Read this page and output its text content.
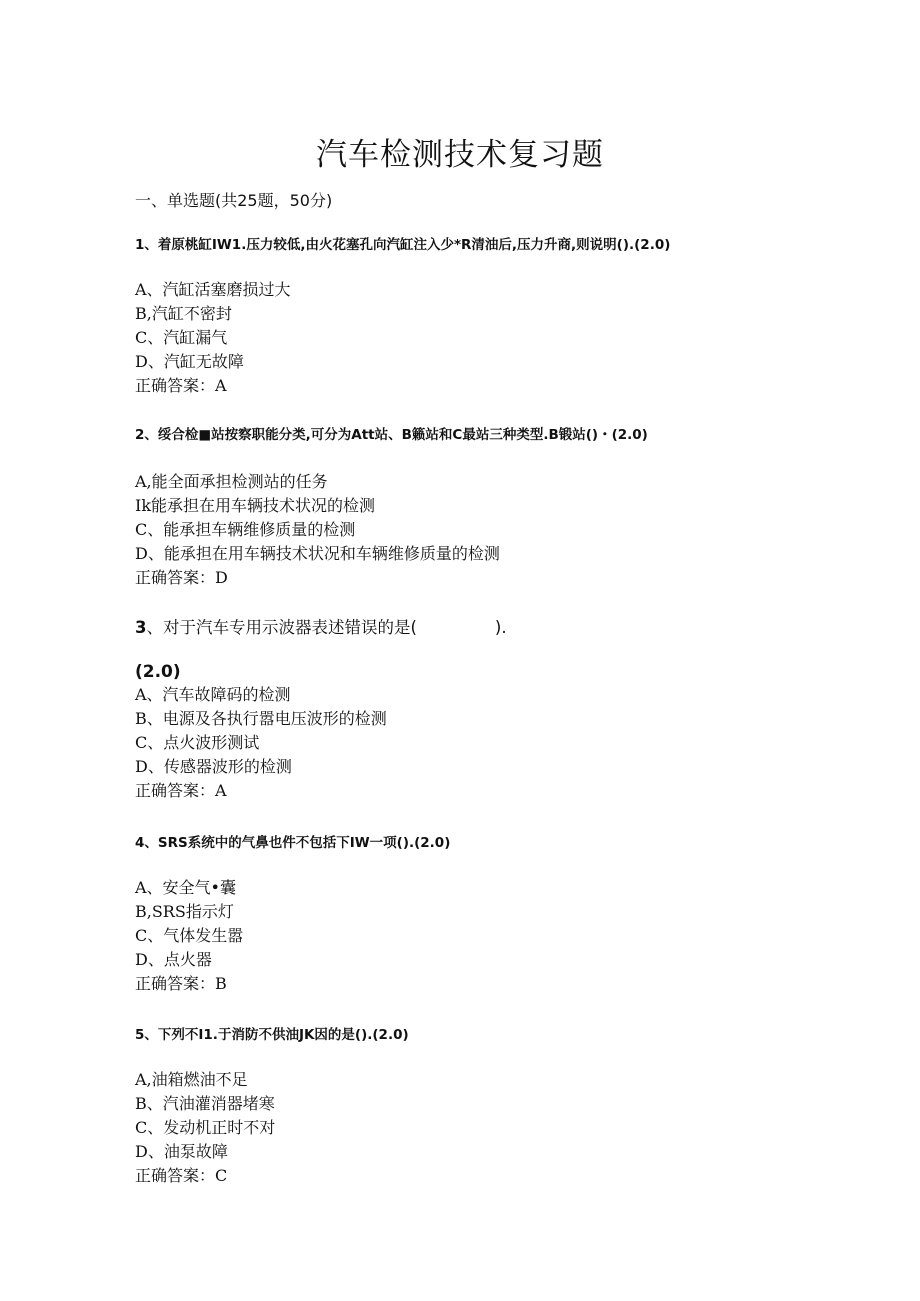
汽车检测技术复习题
一、单选题(共25题，50分)
1、着原桃缸IW1.压力较低,由火花塞孔向汽缸注入少*R清油后,压力升商,则说明().(2.0)
A、汽缸活塞磨损过大
B,汽缸不密封
C、汽缸漏气
D、汽缸无故障
正确答案：A
2、绥合检■站按察职能分类,可分为Att站、B籁站和C最站三种类型.B锻站()・(2.0)
A,能全面承担检测站的任务
Ik能承担在用车辆技术状况的检测
C、能承担车辆维修质量的检测
D、能承担在用车辆技术状况和车辆维修质量的检测
正确答案：D
3、对于汽车专用示波器表述错误的是(	).
(2.0)
A、汽车故障码的检测
B、电源及各执行嚣电压波形的检测
C、点火波形测试
D、传感器波形的检测
正确答案：A
4、SRS系统中的气鼻也件不包括下IW一项().(2.0)
A、安全气•囊
B,SRS指示灯
C、气体发生嚣
D、点火器
正确答案：B
5、下列不I1.于消防不供油JK因的是().(2.0)
A,油箱燃油不足
B、汽油灌消器堵寒
C、发动机正时不对
D、油泵故障
正确答案：C
